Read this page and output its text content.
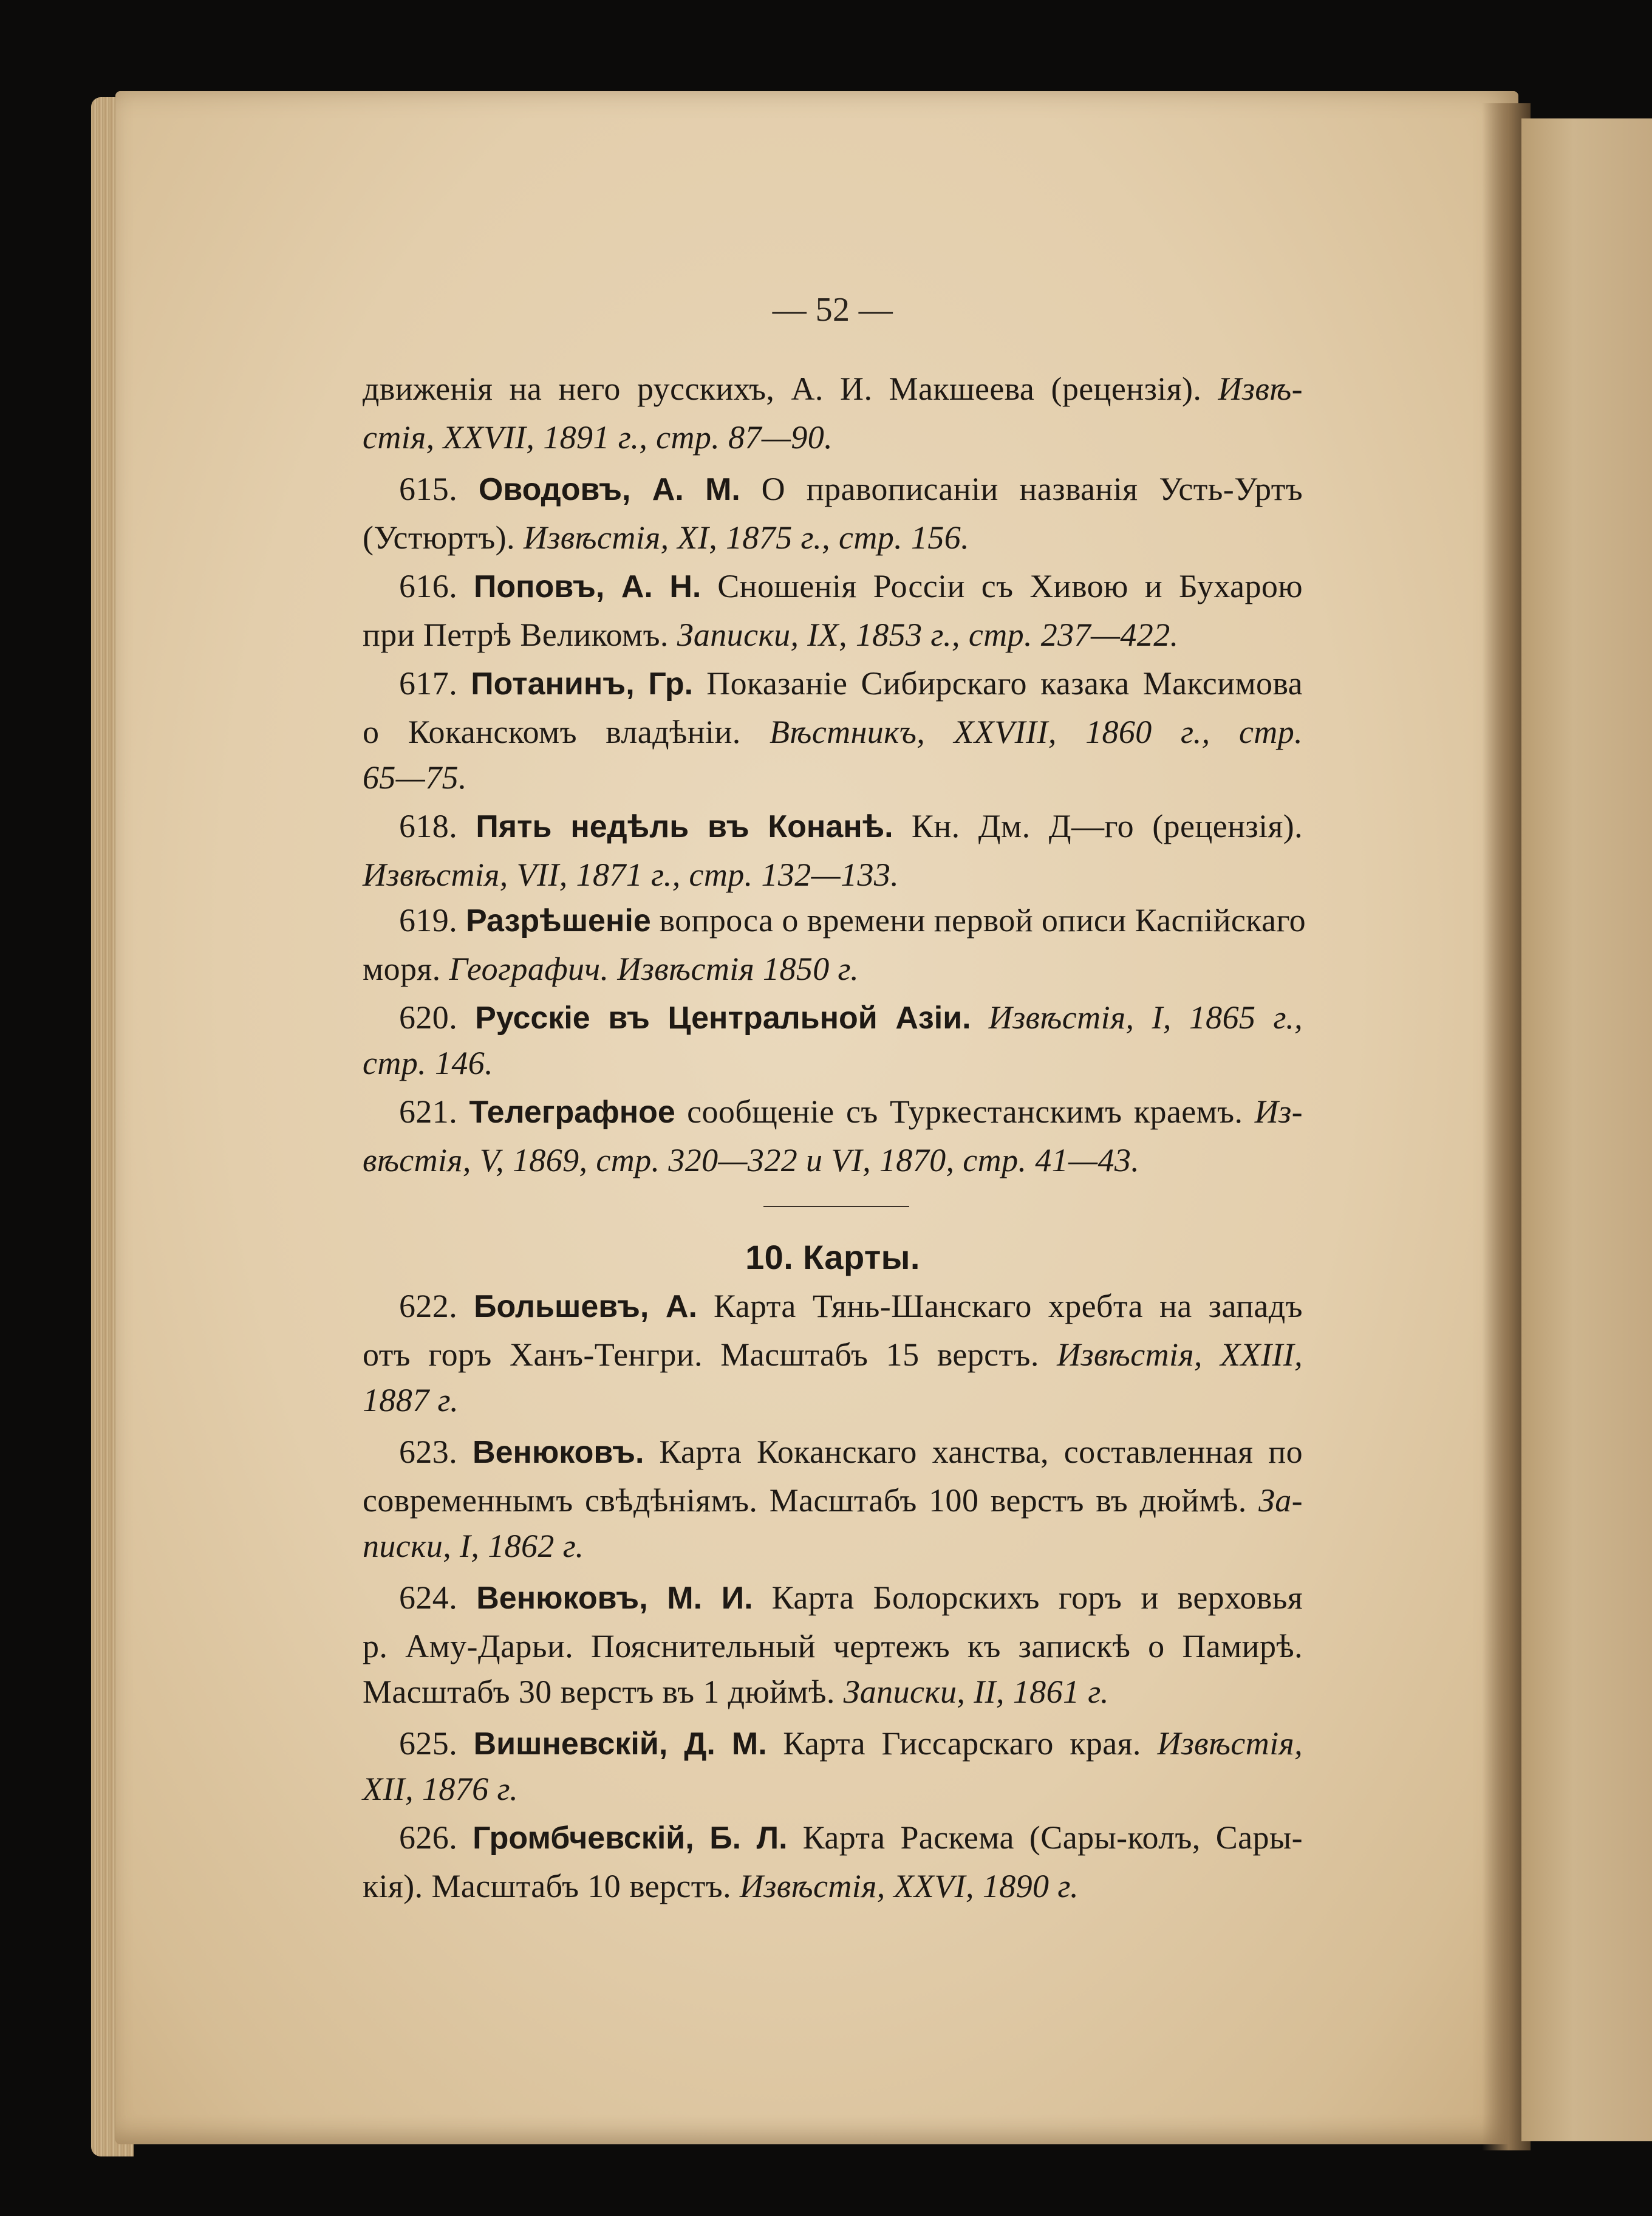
— 52 —
движенія на него русскихъ, А. И. Макшеева (рецензія). Извѣ-
стія, XXVII, 1891 г., стр. 87—90.
615. Оводовъ, А. М. О правописаніи названія Усть-Уртъ
(Устюртъ). Извѣстія, XI, 1875 г., стр. 156.
616. Поповъ, А. Н. Сношенія Россіи съ Хивою и Бухарою
при Петрѣ Великомъ. Записки, IX, 1853 г., стр. 237—422.
617. Потанинъ, Гр. Показаніе Сибирскаго казака Максимова
о Коканскомъ владѣніи. Вѣстникъ, XXVIII, 1860 г., стр.
65—75.
618. Пять недѣль въ Конанѣ. Кн. Дм. Д—го (рецензія).
Извѣстія, VII, 1871 г., стр. 132—133.
619. Разрѣшеніе вопроса о времени первой описи Каспійскаго
моря. Географич. Извѣстія 1850 г.
620. Русскіе въ Центральной Азіи. Извѣстія, I, 1865 г.,
стр. 146.
621. Телеграфное сообщеніе съ Туркестанскимъ краемъ. Из-
вѣстія, V, 1869, стр. 320—322 и VI, 1870, стр. 41—43.
10. Карты.
622. Большевъ, А. Карта Тянь-Шанскаго хребта на западъ
отъ горъ Ханъ-Тенгри. Масштабъ 15 верстъ. Извѣстія, XXIII,
1887 г.
623. Венюковъ. Карта Коканскаго ханства, составленная по
современнымъ свѣдѣніямъ. Масштабъ 100 верстъ въ дюймѣ. За-
писки, I, 1862 г.
624. Венюковъ, М. И. Карта Болорскихъ горъ и верховья
р. Аму-Дарьи. Пояснительный чертежъ къ запискѣ о Памирѣ.
Масштабъ 30 верстъ въ 1 дюймѣ. Записки, II, 1861 г.
625. Вишневскій, Д. М. Карта Гиссарскаго края. Извѣстія,
XII, 1876 г.
626. Громбчевскій, Б. Л. Карта Раскема (Сары-колъ, Сары-
кія). Масштабъ 10 верстъ. Извѣстія, XXVI, 1890 г.
